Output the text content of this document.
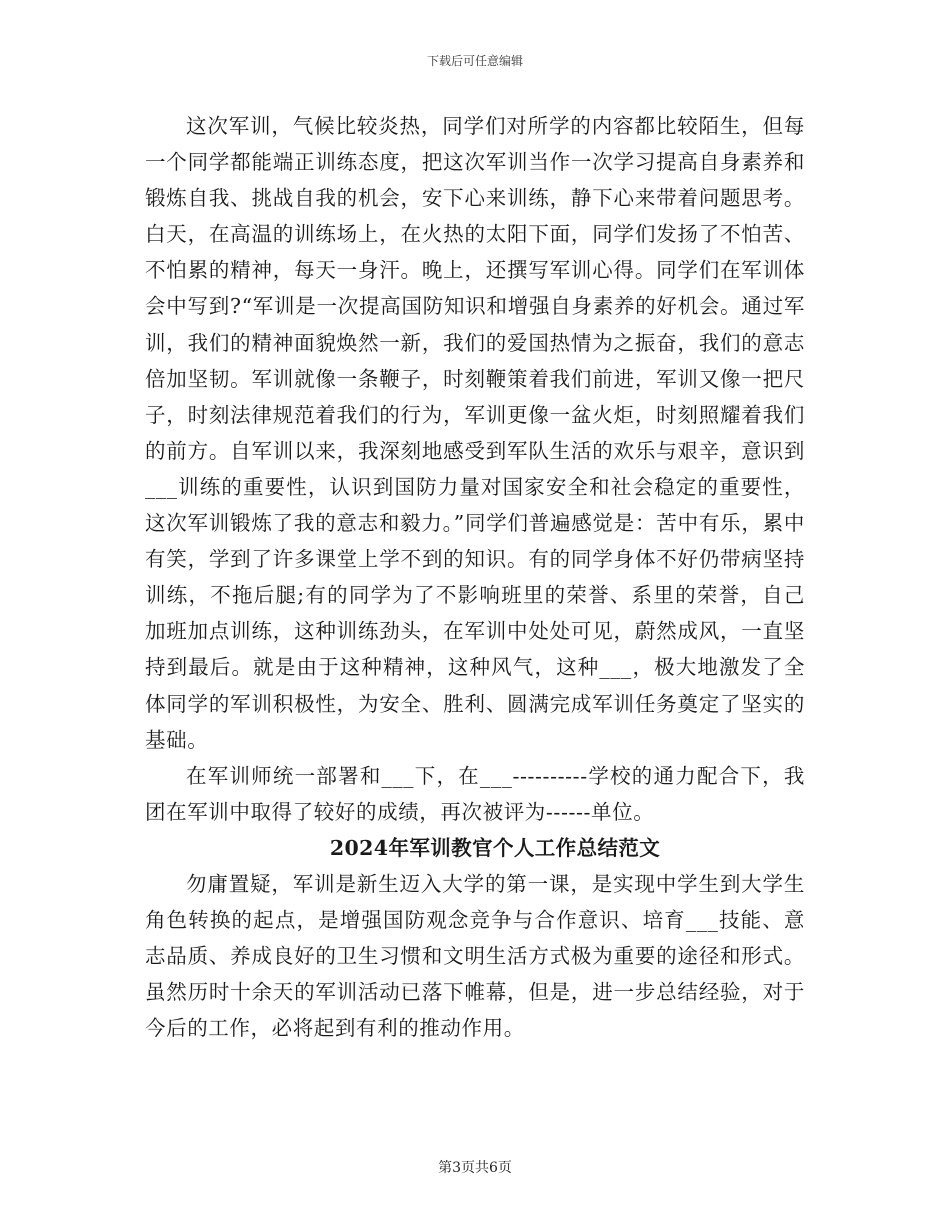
下载后可任意编辑

这次军训，气候比较炎热，同学们对所学的内容都比较陌生，但每一个同学都能端正训练态度，把这次军训当作一次学习提高自身素养和锻炼自我、挑战自我的机会，安下心来训练，静下心来带着问题思考。白天，在高温的训练场上，在火热的太阳下面，同学们发扬了不怕苦、不怕累的精神，每天一身汗。晚上，还撰写军训心得。同学们在军训体会中写到?“军训是一次提高国防知识和增强自身素养的好机会。通过军训，我们的精神面貌焕然一新，我们的爱国热情为之振奋，我们的意志倍加坚韧。军训就像一条鞭子，时刻鞭策着我们前进，军训又像一把尺子，时刻法律规范着我们的行为，军训更像一盆火炬，时刻照耀着我们的前方。自军训以来，我深刻地感受到军队生活的欢乐与艰辛，意识到___训练的重要性，认识到国防力量对国家安全和社会稳定的重要性，这次军训锻炼了我的意志和毅力。”同学们普遍感觉是：苦中有乐，累中有笑，学到了许多课堂上学不到的知识。有的同学身体不好仍带病坚持训练，不拖后腿;有的同学为了不影响班里的荣誉、系里的荣誉，自己加班加点训练，这种训练劲头，在军训中处处可见，蔚然成风，一直坚持到最后。就是由于这种精神，这种风气，这种___，极大地激发了全体同学的军训积极性，为安全、胜利、圆满完成军训任务奠定了坚实的基础。

在军训师统一部署和___下，在___----------学校的通力配合下，我团在军训中取得了较好的成绩，再次被评为------单位。

2024年军训教官个人工作总结范文

勿庸置疑，军训是新生迈入大学的第一课，是实现中学生到大学生角色转换的起点，是增强国防观念竞争与合作意识、培育___技能、意志品质、养成良好的卫生习惯和文明生活方式极为重要的途径和形式。虽然历时十余天的军训活动已落下帷幕，但是，进一步总结经验，对于今后的工作，必将起到有利的推动作用。

第3页共6页
